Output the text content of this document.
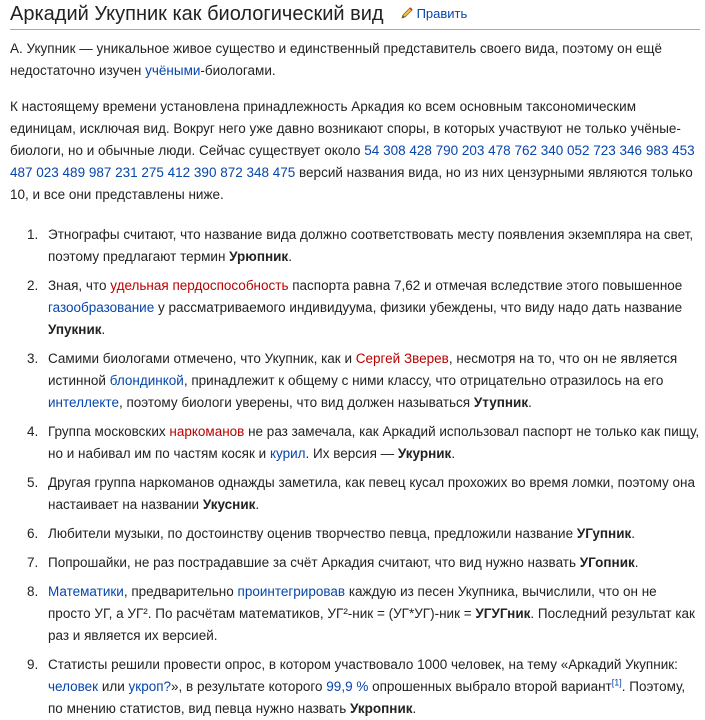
Аркадий Укупник как биологический вид	Править

А. Укупник — уникальное живое существо и единственный представитель своего вида, поэтому он ещё недостаточно изучен учёными-биологами.

К настоящему времени установлена принадлежность Аркадия ко всем основным таксономическим единицам, исключая вид. Вокруг него уже давно возникают споры, в которых участвуют не только учёные-биологи, но и обычные люди. Сейчас существует около 54 308 428 790 203 478 762 340 052 723 346 983 453 487 023 489 987 231 275 412 390 872 348 475 версий названия вида, но из них цензурными являются только 10, и все они представлены ниже.

1. Этнографы считают, что название вида должно соответствовать месту появления экземпляра на свет, поэтому предлагают термин Урюпник.
2. Зная, что удельная пердоспособность паспорта равна 7,62 и отмечая вследствие этого повышенное газообразование у рассматриваемого индивидуума, физики убеждены, что виду надо дать название Упукник.
3. Самими биологами отмечено, что Укупник, как и Сергей Зверев, несмотря на то, что он не является истинной блондинкой, принадлежит к общему с ними классу, что отрицательно отразилось на его интеллекте, поэтому биологи уверены, что вид должен называться Утупник.
4. Группа московских наркоманов не раз замечала, как Аркадий использовал паспорт не только как пищу, но и набивал им по частям косяк и курил. Их версия — Укурник.
5. Другая группа наркоманов однажды заметила, как певец кусал прохожих во время ломки, поэтому она настаивает на названии Укусник.
6. Любители музыки, по достоинству оценив творчество певца, предложили название УГупник.
7. Попрошайки, не раз пострадавшие за счёт Аркадия считают, что вид нужно назвать УГопник.
8. Математики, предварительно проинтегрировав каждую из песен Укупника, вычислили, что он не просто УГ, а УГ². По расчётам математиков, УГ²-ник = (УГ*УГ)-ник = УГУГник. Последний результат как раз и является их версией.
9. Статисты решили провести опрос, в котором участвовало 1000 человек, на тему «Аркадий Укупник: человек или укроп?», в результате которого 99,9 % опрошенных выбрало второй вариант[1]. Поэтому, по мнению статистов, вид певца нужно назвать Укропник.
